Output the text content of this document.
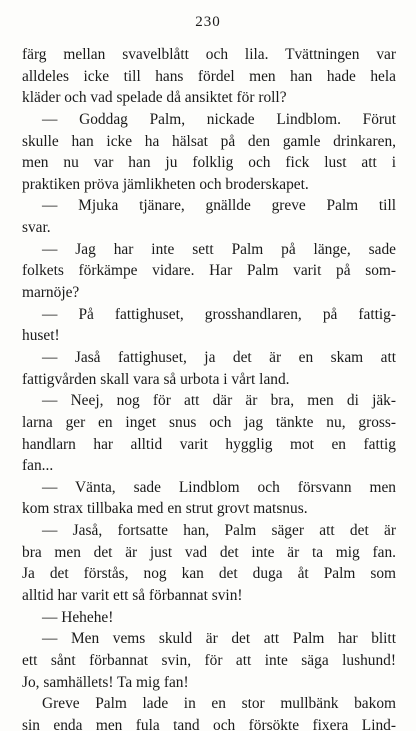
230
färg mellan svavelblått och lila. Tvättningen var
alldeles icke till hans fördel men han hade hela
kläder och vad spelade då ansiktet för roll?
— Goddag Palm, nickade Lindblom. Förut
skulle han icke ha hälsat på den gamle drinkaren,
men nu var han ju folklig och fick lust att i
praktiken pröva jämlikheten och broderskapet.
— Mjuka tjänare, gnällde greve Palm till
svar.
— Jag har inte sett Palm på länge, sade
folkets förkämpe vidare. Har Palm varit på som-
marnöje?
— På fattighuset, grosshandlaren, på fattig-
huset!
— Jaså fattighuset, ja det är en skam att
fattigvården skall vara så urbota i vårt land.
— Neej, nog för att där är bra, men di jäk-
larna ger en inget snus och jag tänkte nu, gross-
handlarn har alltid varit hygglig mot en fattig
fan...
— Vänta, sade Lindblom och försvann men
kom strax tillbaka med en strut grovt matsnus.
— Jaså, fortsatte han, Palm säger att det är
bra men det är just vad det inte är ta mig fan.
Ja det förstås, nog kan det duga åt Palm som
alltid har varit ett så förbannat svin!
— Hehehe!
— Men vems skuld är det att Palm har blitt
ett sånt förbannat svin, för att inte säga lushund!
Jo, samhällets! Ta mig fan!
Greve Palm lade in en stor mullbänk bakom
sin enda men fula tand och försökte fixera Lind-
